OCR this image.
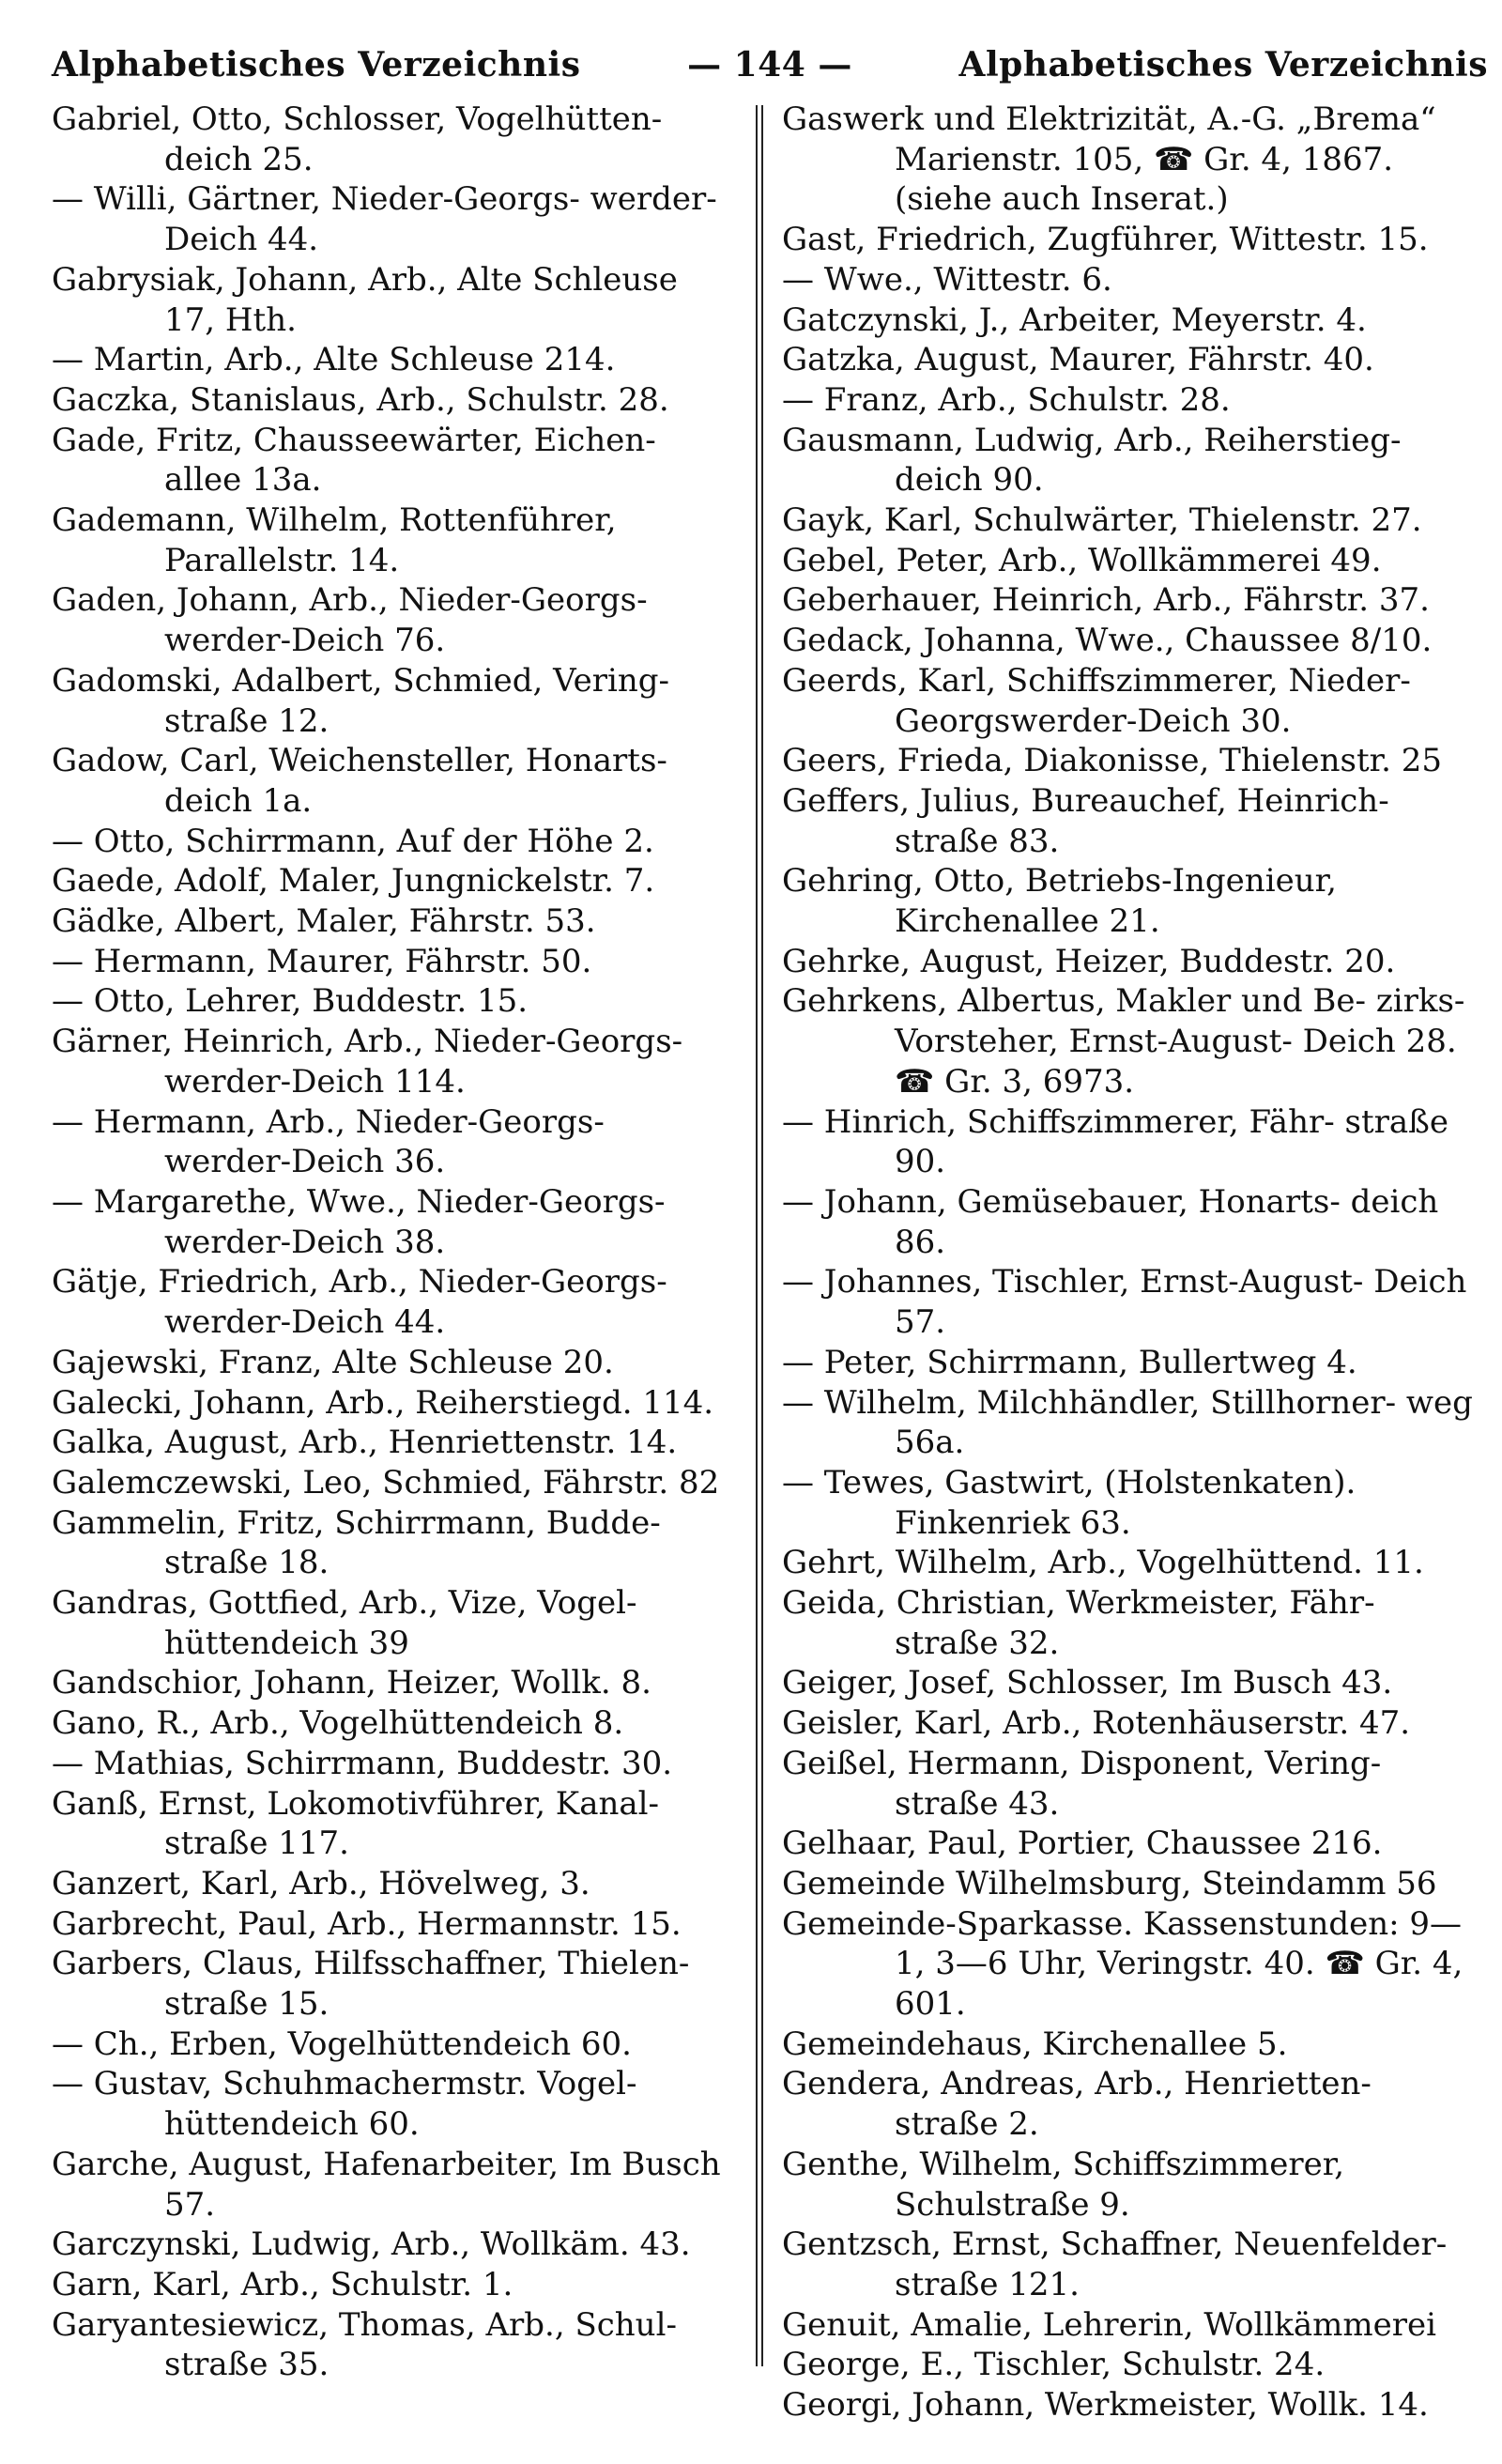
Alphabetisches Verzeichnis	— 144 —	Alphabetisches Verzeichnis

Gabriel, Otto, Schlosser, Vogelhütten- deich 25.

— Willi, Gärtner, Nieder-Georgs- werder-Deich 44.

Gabrysiak, Johann, Arb., Alte Schleuse 17, Hth.

— Martin, Arb., Alte Schleuse 214.

Gaczka, Stanislaus, Arb., Schulstr. 28.

Gade, Fritz, Chausseewärter, Eichen- allee 13a.

Gademann, Wilhelm, Rottenführer, Parallelstr. 14.

Gaden, Johann, Arb., Nieder-Georgs- werder-Deich 76.

Gadomski, Adalbert, Schmied, Vering- straße 12.

Gadow, Carl, Weichensteller, Honarts- deich 1a.

— Otto, Schirrmann, Auf der Höhe 2.

Gaede, Adolf, Maler, Jungnickelstr. 7.

Gädke, Albert, Maler, Fährstr. 53.

— Hermann, Maurer, Fährstr. 50.

— Otto, Lehrer, Buddestr. 15.

Gärner, Heinrich, Arb., Nieder-Georgs- werder-Deich 114.

— Hermann, Arb., Nieder-Georgs- werder-Deich 36.

— Margarethe, Wwe., Nieder-Georgs- werder-Deich 38.

Gätje, Friedrich, Arb., Nieder-Georgs- werder-Deich 44.

Gajewski, Franz, Alte Schleuse 20.

Galecki, Johann, Arb., Reiherstiegd. 114.

Galka, August, Arb., Henriettenstr. 14.

Galemczewski, Leo, Schmied, Fährstr. 82

Gammelin, Fritz, Schirrmann, Budde- straße 18.

Gandras, Gottfied, Arb., Vize, Vogel- hüttendeich 39

Gandschior, Johann, Heizer, Wollk. 8.

Gano, R., Arb., Vogelhüttendeich 8.

— Mathias, Schirrmann, Buddestr. 30.

Ganß, Ernst, Lokomotivführer, Kanal- straße 117.

Ganzert, Karl, Arb., Hövelweg, 3.

Garbrecht, Paul, Arb., Hermannstr. 15.

Garbers, Claus, Hilfsschaffner, Thielen- straße 15.

— Ch., Erben, Vogelhüttendeich 60.

— Gustav, Schuhmachermstr. Vogel- hüttendeich 60.

Garche, August, Hafenarbeiter, Im Busch 57.

Garczynski, Ludwig, Arb., Wollkäm. 43.

Garn, Karl, Arb., Schulstr. 1.

Garyantesiewicz, Thomas, Arb., Schul- straße 35.

Gaswerk und Elektrizität, A.-G. „Brema“ Marienstr. 105, ☎ Gr. 4, 1867. (siehe auch Inserat.)

Gast, Friedrich, Zugführer, Wittestr. 15.

— Wwe., Wittestr. 6.

Gatczynski, J., Arbeiter, Meyerstr. 4.

Gatzka, August, Maurer, Fährstr. 40.

— Franz, Arb., Schulstr. 28.

Gausmann, Ludwig, Arb., Reiherstieg- deich 90.

Gayk, Karl, Schulwärter, Thielenstr. 27.

Gebel, Peter, Arb., Wollkämmerei 49.

Geberhauer, Heinrich, Arb., Fährstr. 37.

Gedack, Johanna, Wwe., Chaussee 8/10.

Geerds, Karl, Schiffszimmerer, Nieder- Georgswerder-Deich 30.

Geers, Frieda, Diakonisse, Thielenstr. 25

Geffers, Julius, Bureauchef, Heinrich- straße 83.

Gehring, Otto, Betriebs-Ingenieur, Kirchenallee 21.

Gehrke, August, Heizer, Buddestr. 20.

Gehrkens, Albertus, Makler und Be- zirks-Vorsteher, Ernst-August- Deich 28. ☎ Gr. 3, 6973.

— Hinrich, Schiffszimmerer, Fähr- straße 90.

— Johann, Gemüsebauer, Honarts- deich 86.

— Johannes, Tischler, Ernst-August- Deich 57.

— Peter, Schirrmann, Bullertweg 4.

— Wilhelm, Milchhändler, Stillhorner- weg 56a.

— Tewes, Gastwirt, (Holstenkaten). Finkenriek 63.

Gehrt, Wilhelm, Arb., Vogelhüttend. 11.

Geida, Christian, Werkmeister, Fähr- straße 32.

Geiger, Josef, Schlosser, Im Busch 43.

Geisler, Karl, Arb., Rotenhäuserstr. 47.

Geißel, Hermann, Disponent, Vering- straße 43.

Gelhaar, Paul, Portier, Chaussee 216.

Gemeinde Wilhelmsburg, Steindamm 56

Gemeinde-Sparkasse. Kassenstunden: 9—1, 3—6 Uhr, Veringstr. 40. ☎ Gr. 4, 601.

Gemeindehaus, Kirchenallee 5.

Gendera, Andreas, Arb., Henrietten- straße 2.

Genthe, Wilhelm, Schiffszimmerer, Schulstraße 9.

Gentzsch, Ernst, Schaffner, Neuenfelder- straße 121.

Genuit, Amalie, Lehrerin, Wollkämmerei

George, E., Tischler, Schulstr. 24.

Georgi, Johann, Werkmeister, Wollk. 14.
